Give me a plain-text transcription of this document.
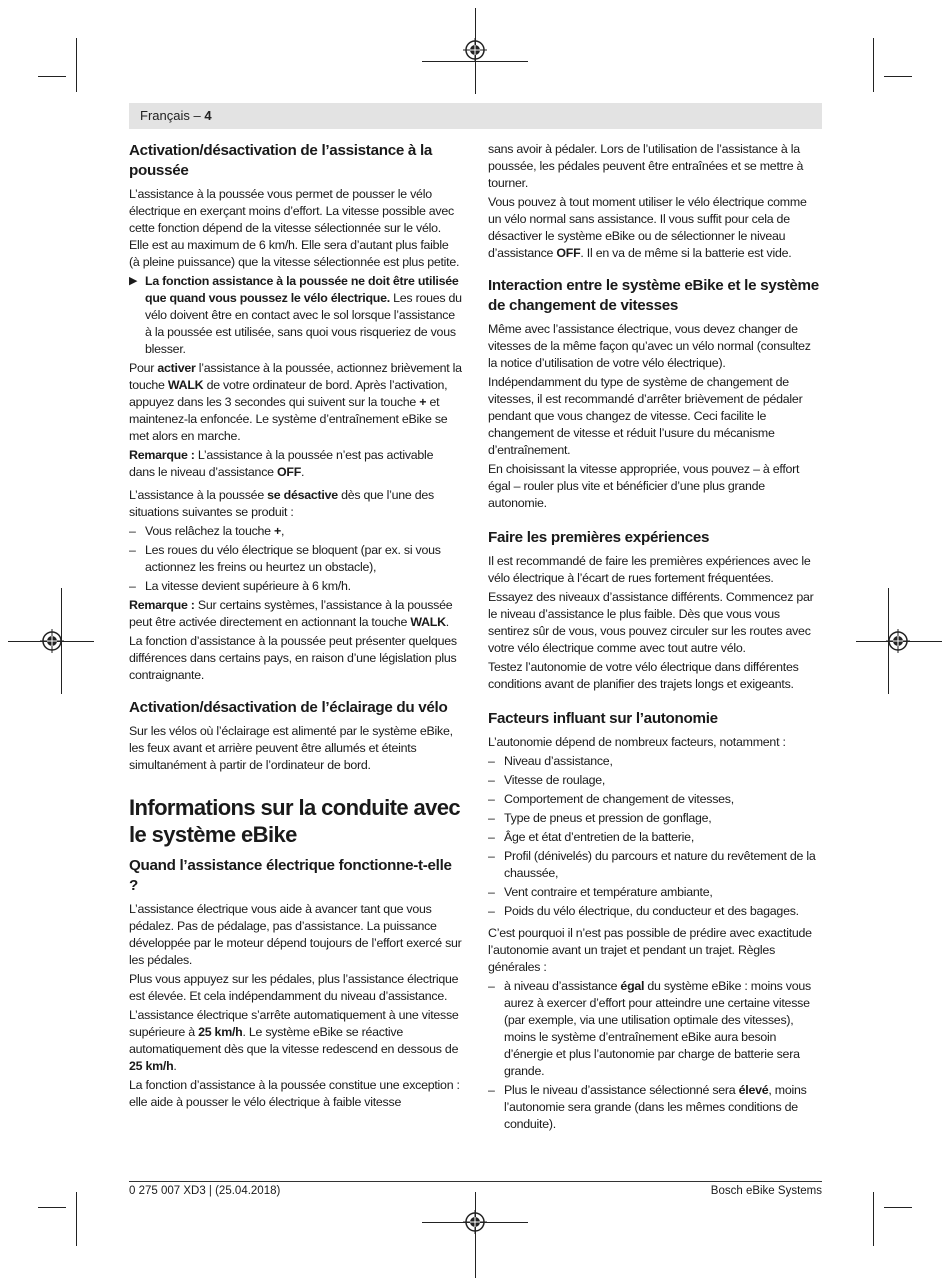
Français – 4
Activation/désactivation de l’assistance à la poussée

L’assistance à la poussée vous permet de pousser le vélo électrique en exerçant moins d’effort. La vitesse possible avec cette fonction dépend de la vitesse sélectionnée sur le vélo. Elle est au maximum de 6 km/h. Elle sera d’autant plus faible (à pleine puissance) que la vitesse sélectionnée est plus petite.

▶ La fonction assistance à la poussée ne doit être utilisée que quand vous poussez le vélo électrique. Les roues du vélo doivent être en contact avec le sol lorsque l’assistance à la poussée est utilisée, sans quoi vous risqueriez de vous blesser.

Pour activer l’assistance à la poussée, actionnez brièvement la touche WALK de votre ordinateur de bord. Après l’activation, appuyez dans les 3 secondes qui suivent sur la touche + et maintenez-la enfoncée. Le système d’entraînement eBike se met alors en marche.

Remarque : L’assistance à la poussée n’est pas activable dans le niveau d’assistance OFF.

L’assistance à la poussée se désactive dès que l’une des situations suivantes se produit :

– Vous relâchez la touche +,
– Les roues du vélo électrique se bloquent (par ex. si vous actionnez les freins ou heurtez un obstacle),
– La vitesse devient supérieure à 6 km/h.

Remarque : Sur certains systèmes, l’assistance à la poussée peut être activée directement en actionnant la touche WALK.

La fonction d’assistance à la poussée peut présenter quelques différences dans certains pays, en raison d’une législation plus contraignante.

Activation/désactivation de l’éclairage du vélo

Sur les vélos où l’éclairage est alimenté par le système eBike, les feux avant et arrière peuvent être allumés et éteints simultanément à partir de l’ordinateur de bord.

Informations sur la conduite avec le système eBike
Quand l’assistance électrique fonctionne-t-elle ?

L’assistance électrique vous aide à avancer tant que vous pédalez. Pas de pédalage, pas d’assistance. La puissance développée par le moteur dépend toujours de l’effort exercé sur les pédales.

Plus vous appuyez sur les pédales, plus l’assistance électrique est élevée. Et cela indépendamment du niveau d’assistance.

L’assistance électrique s’arrête automatiquement à une vitesse supérieure à 25 km/h. Le système eBike se réactive automatiquement dès que la vitesse redescend en dessous de 25 km/h.

La fonction d’assistance à la poussée constitue une exception : elle aide à pousser le vélo électrique à faible vitesse

sans avoir à pédaler. Lors de l’utilisation de l’assistance à la poussée, les pédales peuvent être entraînées et se mettre à tourner.

Vous pouvez à tout moment utiliser le vélo électrique comme un vélo normal sans assistance. Il vous suffit pour cela de désactiver le système eBike ou de sélectionner le niveau d’assistance OFF. Il en va de même si la batterie est vide.

Interaction entre le système eBike et le système de changement de vitesses

Même avec l’assistance électrique, vous devez changer de vitesses de la même façon qu’avec un vélo normal (consultez la notice d’utilisation de votre vélo électrique).

Indépendamment du type de système de changement de vitesses, il est recommandé d’arrêter brièvement de pédaler pendant que vous changez de vitesse. Ceci facilite le changement de vitesse et réduit l’usure du mécanisme d’entraînement.

En choisissant la vitesse appropriée, vous pouvez – à effort égal – rouler plus vite et bénéficier d’une plus grande autonomie.

Faire les premières expériences

Il est recommandé de faire les premières expériences avec le vélo électrique à l’écart de rues fortement fréquentées.

Essayez des niveaux d’assistance différents. Commencez par le niveau d’assistance le plus faible. Dès que vous vous sentirez sûr de vous, vous pouvez circuler sur les routes avec votre vélo électrique comme avec tout autre vélo.

Testez l’autonomie de votre vélo électrique dans différentes conditions avant de planifier des trajets longs et exigeants.

Facteurs influant sur l’autonomie

L’autonomie dépend de nombreux facteurs, notamment :

– Niveau d’assistance,
– Vitesse de roulage,
– Comportement de changement de vitesses,
– Type de pneus et pression de gonflage,
– Âge et état d’entretien de la batterie,
– Profil (dénivelés) du parcours et nature du revêtement de la chaussée,
– Vent contraire et température ambiante,
– Poids du vélo électrique, du conducteur et des bagages.

C’est pourquoi il n’est pas possible de prédire avec exactitude l’autonomie avant un trajet et pendant un trajet. Règles générales :

– à niveau d’assistance égal du système eBike : moins vous aurez à exercer d’effort pour atteindre une certaine vitesse (par exemple, via une utilisation optimale des vitesses), moins le système d’entraînement eBike aura besoin d’énergie et plus l’autonomie par charge de batterie sera grande.
– Plus le niveau d’assistance sélectionné sera élevé, moins l’autonomie sera grande (dans les mêmes conditions de conduite).
0 275 007 XD3 | (25.04.2018)	Bosch eBike Systems
